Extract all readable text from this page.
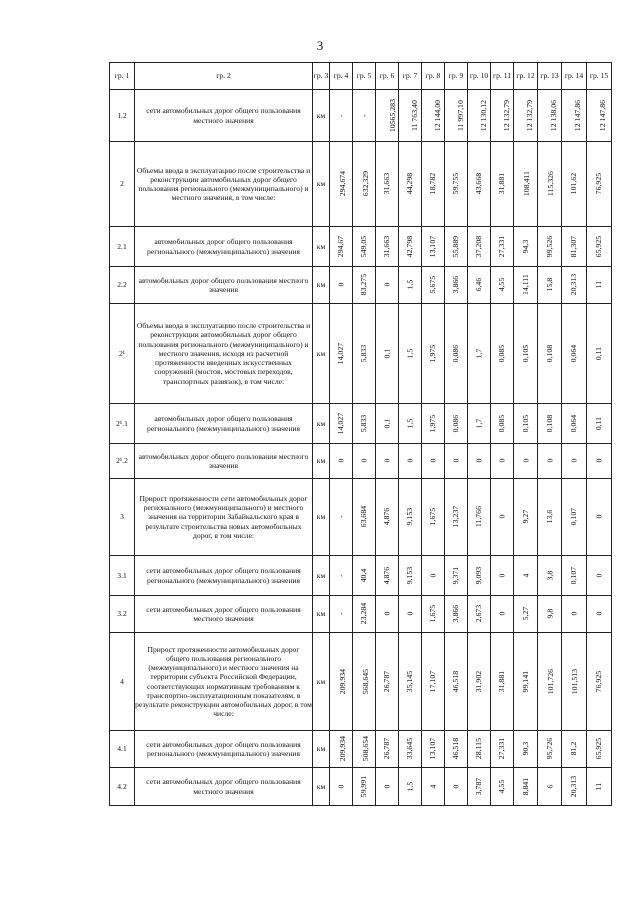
3
гр. 1	гр. 2	гр. 3	гр. 4	гр. 5	гр. 6	гр. 7	гр. 8	гр. 9	гр. 10	гр. 11	гр. 12	гр. 13	гр. 14	гр. 15

1.2	сети автомобильных дорог общего пользования местного значения	км	-	-	10565,283	11 763,40	12 144,00	11 997,10	12 130,12	12 132,79	12 132,79	12 138,06	12 147,86	12 147,86
2	Объемы ввода в эксплуатацию после строительства и реконструкции автомобильных дорог общего пользования регионального (межмуниципального) и местного значения, в том числе:	км	294,674	632,329	31,663	44,298	18,782	59,755	43,668	31,881	108,411	115,326	101,62	76,925
2.1	автомобильных дорог общего пользования регионального (межмуниципального) значения	км	294,67	549,05	31,663	42,798	13,107	55,889	37,208	27,331	94,3	99,526	81,307	65,925
2.2	автомобильных дорог общего пользования местного значения	км	0	83,275	0	1,5	5,675	3,866	6,46	4,55	14,111	15,8	20,313	11
2¹	Объемы ввода в эксплуатацию после строительства и реконструкции автомобильных дорог общего пользования регионального (межмуниципального) и местного значения, исходя из расчетной протяженности введенных искусственных сооружений (мостов, мостовых переходов, транспортных развязок), в том числе:	км	14,027	5,833	0,1	1,5	1,975	0,086	1,7	0,085	0,105	0,108	0,064	0,11
2¹.1	автомобильных дорог общего пользования регионального (межмуниципального) значения	км	14,027	5,833	0,1	1,5	1,975	0,086	1,7	0,085	0,105	0,108	0,064	0,11
2¹.2	автомобильных дорог общего пользования местного значения	км	0	0	0	0	0	0	0	0	0	0	0	0
3	Прирост протяженности сети автомобильных дорог регионального (межмуниципального) и местного значения на территории Забайкальского края в результате строительства новых автомобильных дорог, в том числе:	км	-	63,684	4,876	9,153	1,675	13,237	11,766	0	9,27	13,6	0,107	0
3.1	сети автомобильных дорог общего пользования регионального (межмуниципального) значения	км	-	40,4	4,876	9,153	0	9,371	9,093	0	4	3,8	0,107	0
3.2	сети автомобильных дорог общего пользования местного значения	км	-	23,284	0	0	1,675	3,866	2,673	0	5,27	9,8	0	0
4	Прирост протяженности автомобильных дорог общего пользования регионального (межмуниципального) и местного значения на территории субъекта Российской Федерации, соответствующих нормативным требованиям к транспортно-эксплуатационным показателям, в результате реконструкции автомобильных дорог, в том числе:	км	209,934	568,645	26,787	35,145	17,107	46,518	31,902	31,881	99,141	101,726	101,513	76,925
4.1	сети автомобильных дорог общего пользования регионального (межмуниципального) значения	км	209,934	508,654	26,787	33,645	13,107	46,518	28,115	27,331	90,3	95,726	81,2	65,925
4.2	сети автомобильных дорог общего пользования местного значения	км	0	59,991	0	1,5	4	0	3,787	4,55	8,841	6	20,313	11
